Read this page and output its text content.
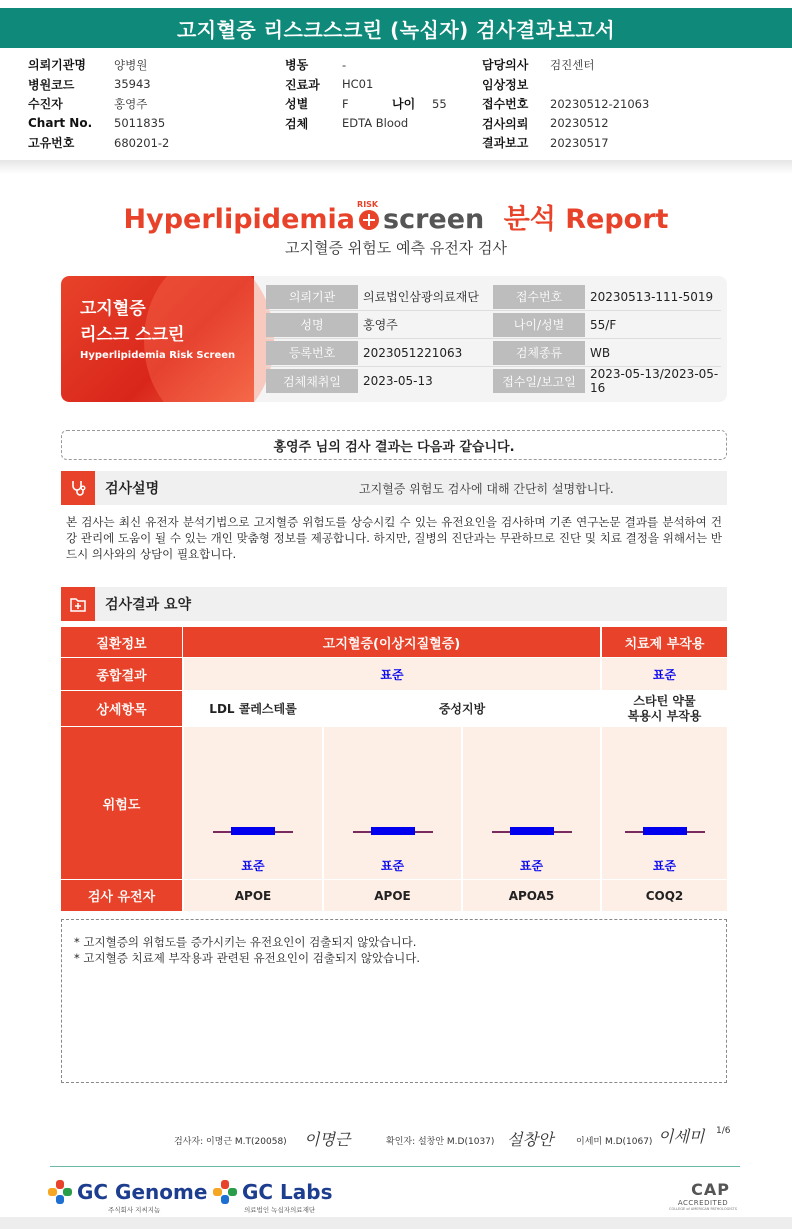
고지혈증 리스크스크린 (녹십자) 검사결과보고서
의뢰기관명	양병원
병원코드	35943
수진자	홍영주
Chart No.	5011835
고유번호	680201-2
병동	-
진료과	HC01
성별	F	나이	55
검체	EDTA Blood
담당의사	검진센터
임상정보
접수번호	20230512-21063
검사의뢰	20230512
결과보고	20230517
Hyperlipidemia RISK screen 분석 Report
고지혈증 위험도 예측 유전자 검사
고지혈증
리스크 스크린
Hyperlipidemia Risk Screen
의뢰기관	의료법인삼광의료재단	접수번호	20230513-111-5019
성명	홍영주	나이/성별	55/F
등록번호	2023051221063	검체종류	WB
검체채취일	2023-05-13	접수일/보고일
2023-05-13/2023-05-16
홍영주 님의 검사 결과는 다음과 같습니다.
검사설명	고지혈증 위험도 검사에 대해 간단히 설명합니다.
본 검사는 최신 유전자 분석기법으로 고지혈증 위험도를 상승시킬 수 있는 유전요인을 검사하며 기존 연구논문 결과를 분석하여 건강 관리에 도움이 될 수 있는 개인 맞춤형 정보를 제공합니다. 하지만, 질병의 진단과는 무관하므로 진단 및 치료 결정을 위해서는 반드시 의사와의 상담이 필요합니다.
검사결과 요약
질환정보	고지혈증(이상지질혈증)	치료제 부작용
종합결과	표준	표준
상세항목	LDL 콜레스테롤	중성지방
스타틴 약물
복용시 부작용
위험도
표준	표준	표준	표준
검사 유전자	APOE	APOE	APOA5	COQ2
* 고지혈증의 위험도를 증가시키는 유전요인이 검출되지 않았습니다.
* 고지혈증 치료제 부작용과 관련된 유전요인이 검출되지 않았습니다.
검사자: 이명근 M.T(20058) 이명근	확인자: 설창안 M.D(1037) 설창안	이세미 M.D(1067) 이세미 1/6
GC Genome
주식회사 지씨지놈
GC Labs
의료법인 녹십자의료재단
CAP
ACCREDITED
COLLEGE of AMERICAN PATHOLOGISTS
